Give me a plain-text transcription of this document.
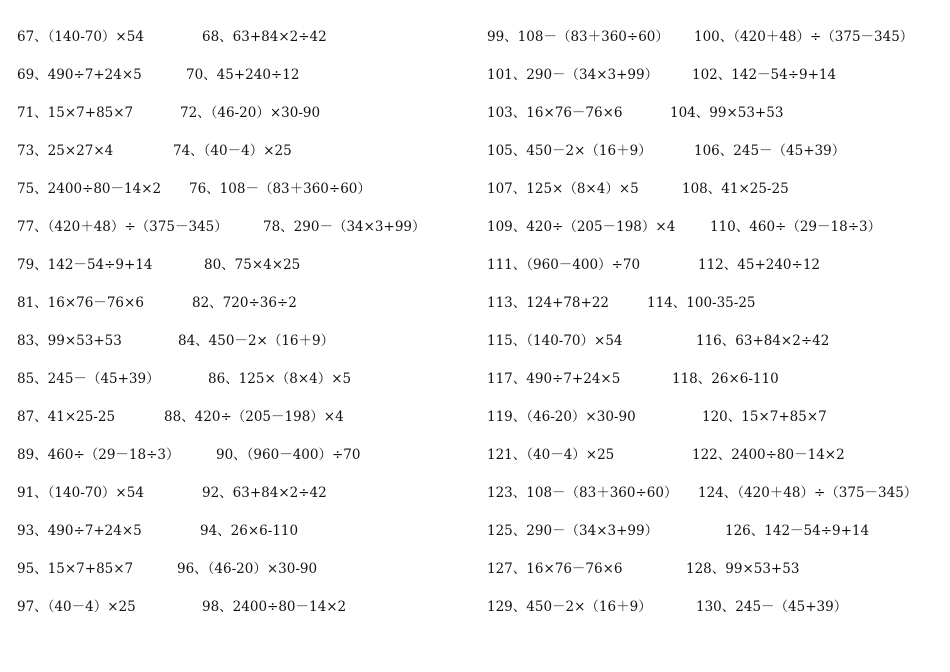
67、（140-70）×54	68、63+84×2÷42
69、490÷7+24×5	70、45+240÷12
71、15×7+85×7	72、（46-20）×30-90
73、25×27×4	74、（40－4）×25
75、2400÷80－14×2 76、108－（83＋360÷60）
77、（420＋48）÷（375－345）	78、290－（34×3+99）
79、142－54÷9+14	80、75×4×25
81、16×76－76×6	82、720÷36÷2
83、99×53+53	84、450－2×（16＋9）
85、245－（45+39）	86、125×（8×4）×5
87、41×25-25	88、420÷（205－198）×4
89、460÷（29－18÷3）	90、（960－400）÷70
91、（140-70）×54	92、63+84×2÷42
93、490÷7+24×5	94、26×6-110
95、15×7+85×7	96、（46-20）×30-90
97、（40－4）×25	98、2400÷80－14×2
99、108－（83＋360÷60） 100、（420＋48）÷（375－345）
101、290－（34×3+99）	102、142－54÷9+14
103、16×76－76×6	104、99×53+53
105、450－2×（16＋9）	106、245－（45+39）
107、125×（8×4）×5	108、41×25-25
109、420÷（205－198）×4	110、460÷（29－18÷3）
111、（960－400）÷70	112、45+240÷12
113、124+78+22	114、100-35-25
115、（140-70）×54	116、63+84×2÷42
117、490÷7+24×5	118、26×6-110
119、（46-20）×30-90	120、15×7+85×7
121、（40－4）×25	122、2400÷80－14×2
123、108－（83＋360÷60） 124、（420＋48）÷（375－345）
125、290－（34×3+99）	126、142－54÷9+14
127、16×76－76×6	128、99×53+53
129、450－2×（16＋9）	130、245－（45+39）
